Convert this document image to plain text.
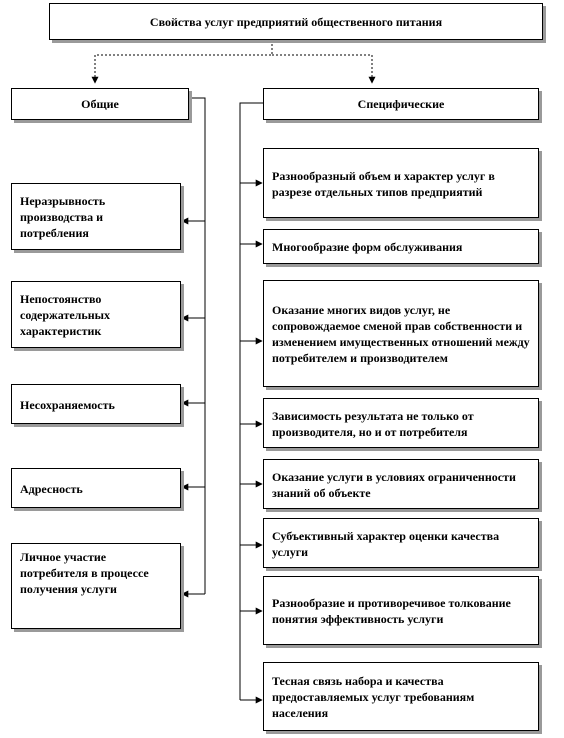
Свойства услуг предприятий общественного питания
Общие	Специфические
Неразрывность производства и потребления
Непостоянство содержательных характеристик
Несохраняемость
Адресность
Личное участие потребителя в процессе получения услуги
Разнообразный объем и характер услуг в разрезе отдельных типов предприятий
Многообразие форм обслуживания
Оказание многих видов услуг, не сопровождаемое сменой прав собственности и изменением имущественных отношений между потребителем и производителем
Зависимость результата не только от производителя, но и от потребителя
Оказание услуги в условиях ограниченности знаний об объекте
Субъективный характер оценки качества услуги
Разнообразие и противоречивое толкование понятия эффективность услуги
Тесная связь набора и качества предоставляемых услуг требованиям населения
